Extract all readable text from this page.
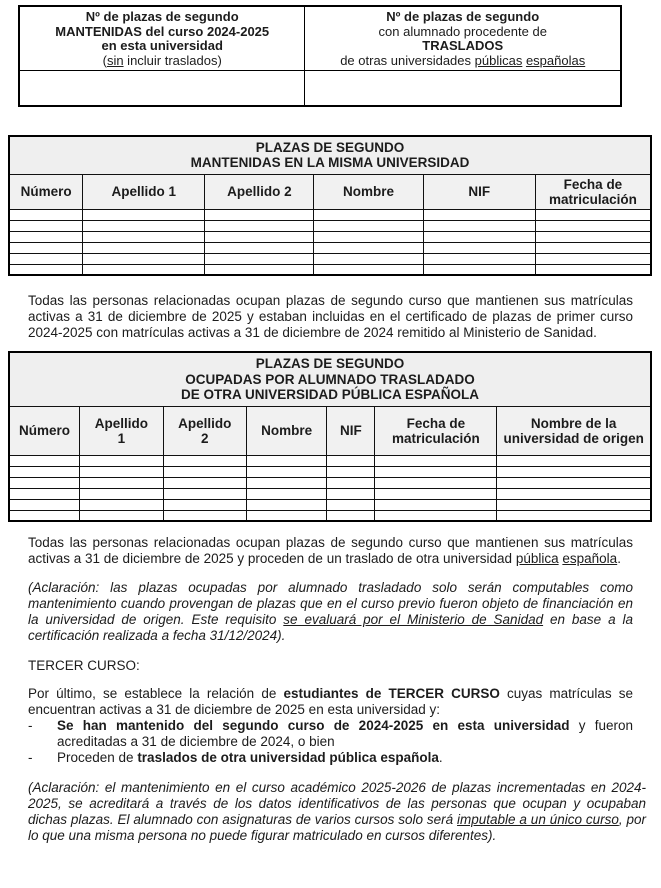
Nº de plazas de segundo
MANTENIDAS del curso 2024-2025
en esta universidad
(sin incluir traslados)	Nº de plazas de segundo
con alumnado procedente de
TRASLADOS
de otras universidades públicas españolas

PLAZAS DE SEGUNDO
MANTENIDAS EN LA MISMA UNIVERSIDAD					
Número	Apellido 1	Apellido 2	Nombre	NIF	Fecha de matriculación

Todas las personas relacionadas ocupan plazas de segundo curso que mantienen sus matrículas activas a 31 de diciembre de 2025 y estaban incluidas en el certificado de plazas de primer curso 2024-2025 con matrículas activas a 31 de diciembre de 2024 remitido al Ministerio de Sanidad.

PLAZAS DE SEGUNDO
OCUPADAS POR ALUMNADO TRASLADADO
DE OTRA UNIVERSIDAD PÚBLICA ESPAÑOLA						
Número	Apellido 1	Apellido 2	Nombre	NIF	Fecha de matriculación	Nombre de la universidad de origen

Todas las personas relacionadas ocupan plazas de segundo curso que mantienen sus matrículas activas a 31 de diciembre de 2025 y proceden de un traslado de otra universidad pública española.

(Aclaración: las plazas ocupadas por alumnado trasladado solo serán computables como mantenimiento cuando provengan de plazas que en el curso previo fueron objeto de financiación en la universidad de origen. Este requisito se evaluará por el Ministerio de Sanidad en base a la certificación realizada a fecha 31/12/2024).

TERCER CURSO:

Por último, se establece la relación de estudiantes de TERCER CURSO cuyas matrículas se encuentran activas a 31 de diciembre de 2025 en esta universidad y:

-	Se han mantenido del segundo curso de 2024-2025 en esta universidad y fueron acreditadas a 31 de diciembre de 2024, o bien
-	Proceden de traslados de otra universidad pública española.

(Aclaración: el mantenimiento en el curso académico 2025-2026 de plazas incrementadas en 2024-2025, se acreditará a través de los datos identificativos de las personas que ocupan y ocupaban dichas plazas. El alumnado con asignaturas de varios cursos solo será imputable a un único curso, por lo que una misma persona no puede figurar matriculado en cursos diferentes).
